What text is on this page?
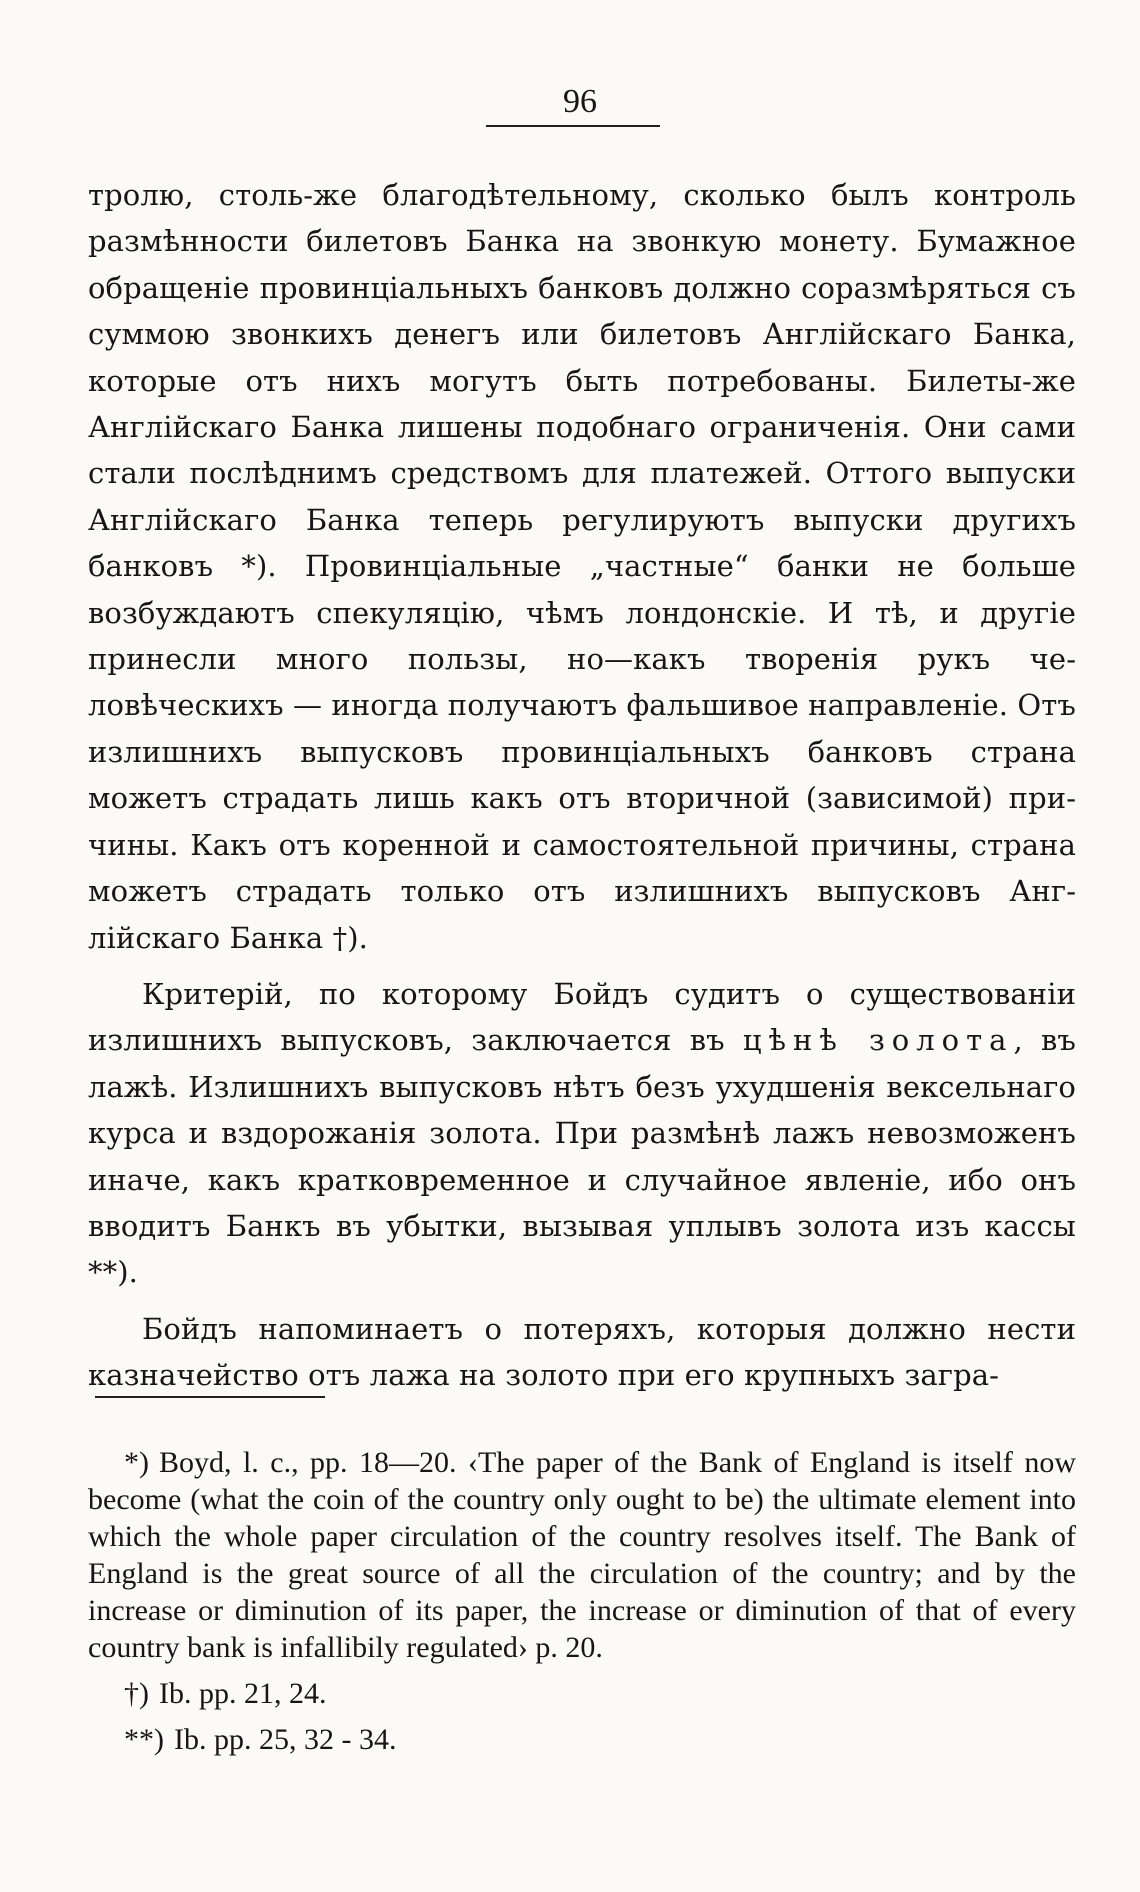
96

тролю, столь-же благодѣтельному, сколько былъ контроль размѣнности билетовъ Банка на звонкую монету. Бумажное обращеніе провинціальныхъ банковъ должно соразмѣряться съ суммою звонкихъ денегъ или билетовъ Англійскаго Банка, которые отъ нихъ могутъ быть потребованы. Билеты-же Англійскаго Банка лишены подобнаго ограниченія. Они сами стали послѣднимъ средствомъ для платежей. Оттого выпуски Англійскаго Банка теперь регулируютъ выпуски другихъ банковъ *). Провинціальные „частные“ банки не больше возбуждаютъ спекуляцію, чѣмъ лондонскіе. И тѣ, и другіе принесли много пользы, но—какъ творенія рукъ человѣческихъ — иногда получаютъ фальшивое направленіе. Отъ излишнихъ выпусковъ провинціальныхъ банковъ страна можетъ страдать лишь какъ отъ вторичной (зависимой) причины. Какъ отъ коренной и самостоятельной причины, страна можетъ страдать только отъ излишнихъ выпусковъ Англійскаго Банка †).

Критерій, по которому Бойдъ судитъ о существованіи излишнихъ выпусковъ, заключается въ цѣнѣ золота, въ лажѣ. Излишнихъ выпусковъ нѣтъ безъ ухудшенія вексельнаго курса и вздорожанія золота. При размѣнѣ лажъ невозможенъ иначе, какъ кратковременное и случайное явленіе, ибо онъ вводитъ Банкъ въ убытки, вызывая уплывъ золота изъ кассы **).

Бойдъ напоминаетъ о потеряхъ, которыя должно нести казначейство отъ лажа на золото при его крупныхъ загра-

*) Boyd, l. c., pp. 18—20. ‹The paper of the Bank of England is itself now become (what the coin of the country only ought to be) the ultimate element into which the whole paper circulation of the country resolves itself. The Bank of England is the great source of all the circulation of the country; and by the increase or diminution of its paper, the increase or diminution of that of every country bank is infallibily regulated› p. 20.

†) Ib. pp. 21, 24.

**) Ib. pp. 25, 32 - 34.
